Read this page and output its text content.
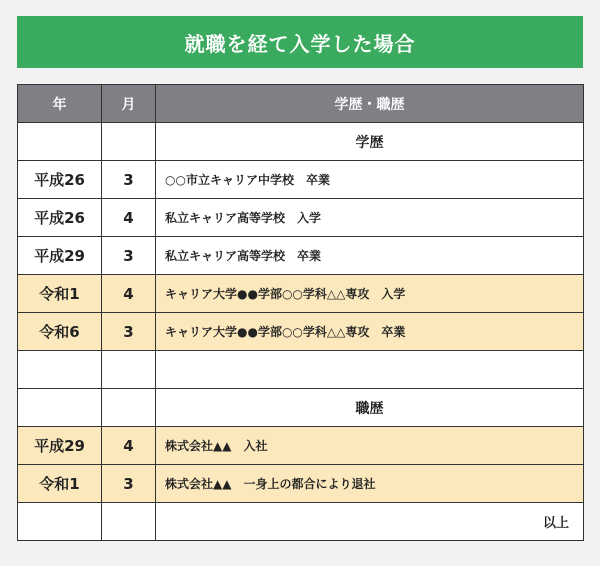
就職を経て入学した場合
年	月	学歴・職歴
		学歴
平成26	3	○○市立キャリア中学校　卒業
平成26	4	私立キャリア高等学校　入学
平成29	3	私立キャリア高等学校　卒業
令和1	4	キャリア大学●●学部○○学科△△専攻　入学
令和6	3	キャリア大学●●学部○○学科△△専攻　卒業

		職歴
平成29	4	株式会社▲▲　入社
令和1	3	株式会社▲▲　一身上の都合により退社
		以上
